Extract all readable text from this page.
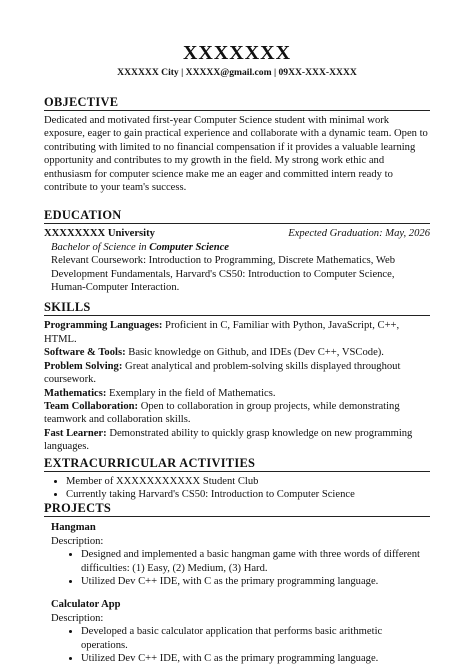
XXXXXXX
XXXXXX City | XXXXX@gmail.com | 09XX-XXX-XXXX
OBJECTIVE

Dedicated and motivated first-year Computer Science student with minimal work exposure, eager to gain practical experience and collaborate with a dynamic team. Open to contributing with limited to no financial compensation if it provides a valuable learning opportunity and contributes to my growth in the field. My strong work ethic and enthusiasm for computer science make me an eager and committed intern ready to contribute to your team's success.

EDUCATION
XXXXXXXX University	Expected Graduation: May, 2026
Bachelor of Science in Computer Science

Relevant Coursework: Introduction to Programming, Discrete Mathematics, Web Development Fundamentals, Harvard's CS50: Introduction to Computer Science, Human-Computer Interaction.

SKILLS

Programming Languages: Proficient in C, Familiar with Python, JavaScript, C++, HTML.

Software & Tools: Basic knowledge on Github, and IDEs (Dev C++, VSCode).

Problem Solving: Great analytical and problem-solving skills displayed throughout coursework.

Mathematics: Exemplary in the field of Mathematics.

Team Collaboration: Open to collaboration in group projects, while demonstrating teamwork and collaboration skills.

Fast Learner: Demonstrated ability to quickly grasp knowledge on new programming languages.

EXTRACURRICULAR ACTIVITIES
• Member of XXXXXXXXXXX Student Club
• Currently taking Harvard's CS50: Introduction to Computer Science
PROJECTS
Hangman
Description:
• Designed and implemented a basic hangman game with three words of different difficulties: (1) Easy, (2) Medium, (3) Hard.
• Utilized Dev C++ IDE, with C as the primary programming language.
Calculator App
Description:
• Developed a basic calculator application that performs basic arithmetic operations.
• Utilized Dev C++ IDE, with C as the primary programming language.
